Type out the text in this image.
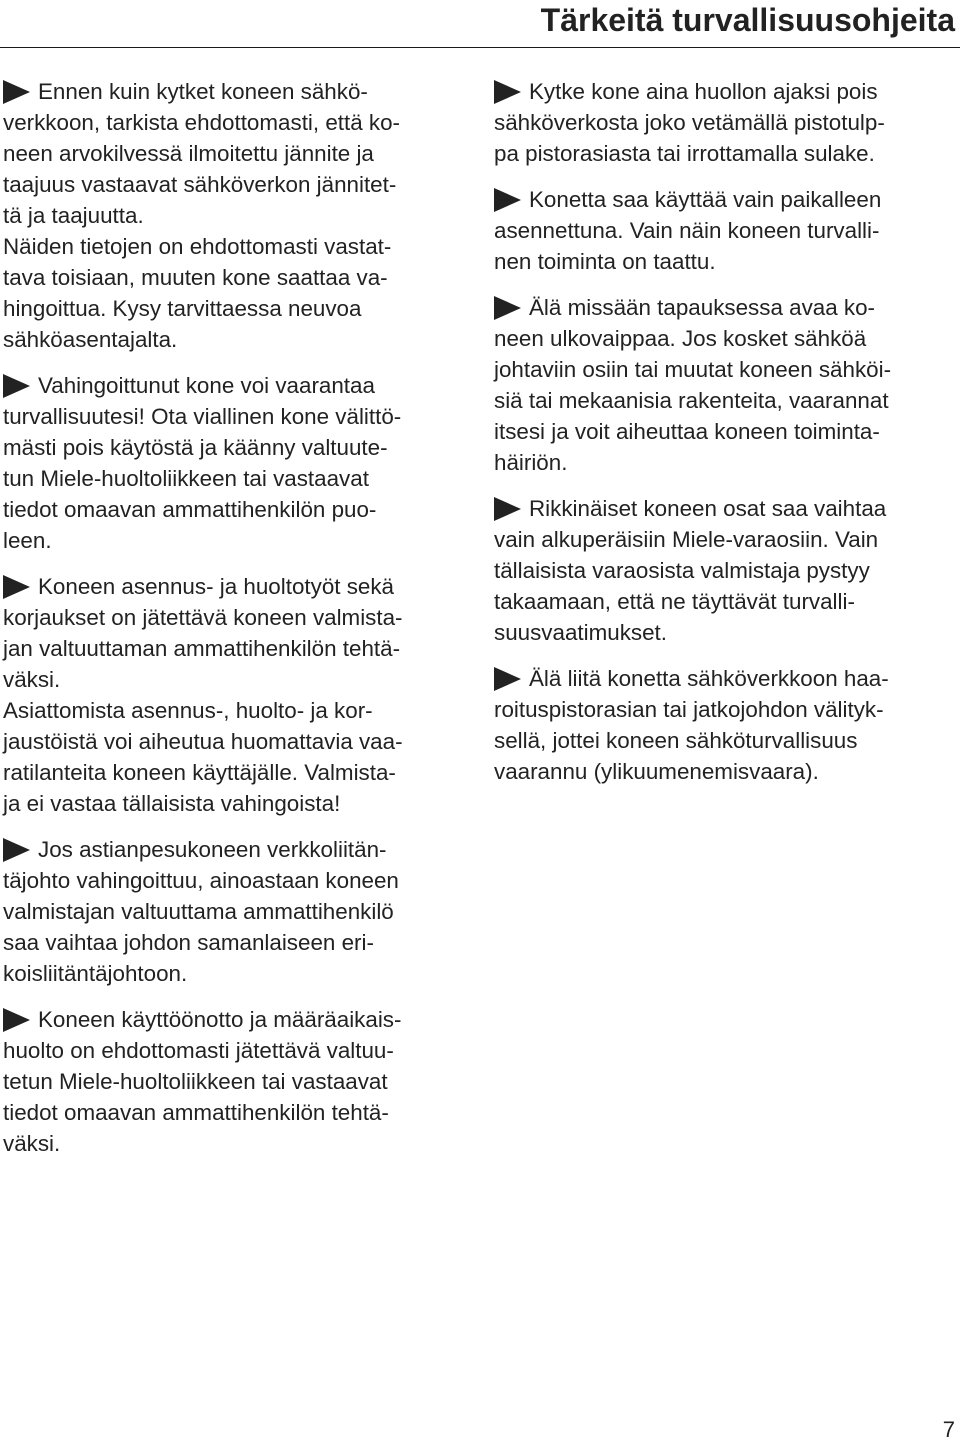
Tärkeitä turvallisuusohjeita

Ennen kuin kytket koneen sähkö-
verkkoon, tarkista ehdottomasti, että ko-
neen arvokilvessä ilmoitettu jännite ja
taajuus vastaavat sähköverkon jännitet-
tä ja taajuutta.
Näiden tietojen on ehdottomasti vastat-
tava toisiaan, muuten kone saattaa va-
hingoittua. Kysy tarvittaessa neuvoa
sähköasentajalta.

Vahingoittunut kone voi vaarantaa
turvallisuutesi! Ota viallinen kone välittö-
mästi pois käytöstä ja käänny valtuute-
tun Miele-huoltoliikkeen tai vastaavat
tiedot omaavan ammattihenkilön puo-
leen.

Koneen asennus- ja huoltotyöt sekä
korjaukset on jätettävä koneen valmista-
jan valtuuttaman ammattihenkilön tehtä-
väksi.
Asiattomista asennus-, huolto- ja kor-
jaustöistä voi aiheutua huomattavia vaa-
ratilanteita koneen käyttäjälle. Valmista-
ja ei vastaa tällaisista vahingoista!

Jos astianpesukoneen verkkoliitän-
täjohto vahingoittuu, ainoastaan koneen
valmistajan valtuuttama ammattihenkilö
saa vaihtaa johdon samanlaiseen eri-
koisliitäntäjohtoon.

Koneen käyttöönotto ja määräaikais-
huolto on ehdottomasti jätettävä valtuu-
tetun Miele-huoltoliikkeen tai vastaavat
tiedot omaavan ammattihenkilön tehtä-
väksi.

Kytke kone aina huollon ajaksi pois
sähköverkosta joko vetämällä pistotulp-
pa pistorasiasta tai irrottamalla sulake.

Konetta saa käyttää vain paikalleen
asennettuna. Vain näin koneen turvalli-
nen toiminta on taattu.

Älä missään tapauksessa avaa ko-
neen ulkovaippaa. Jos kosket sähköä
johtaviin osiin tai muutat koneen sähköi-
siä tai mekaanisia rakenteita, vaarannat
itsesi ja voit aiheuttaa koneen toiminta-
häiriön.

Rikkinäiset koneen osat saa vaihtaa
vain alkuperäisiin Miele-varaosiin. Vain
tällaisista varaosista valmistaja pystyy
takaamaan, että ne täyttävät turvalli-
suusvaatimukset.

Älä liitä konetta sähköverkkoon haa-
roituspistorasian tai jatkojohdon välityk-
sellä, jottei koneen sähköturvallisuus
vaarannu (ylikuumenemisvaara).

7
